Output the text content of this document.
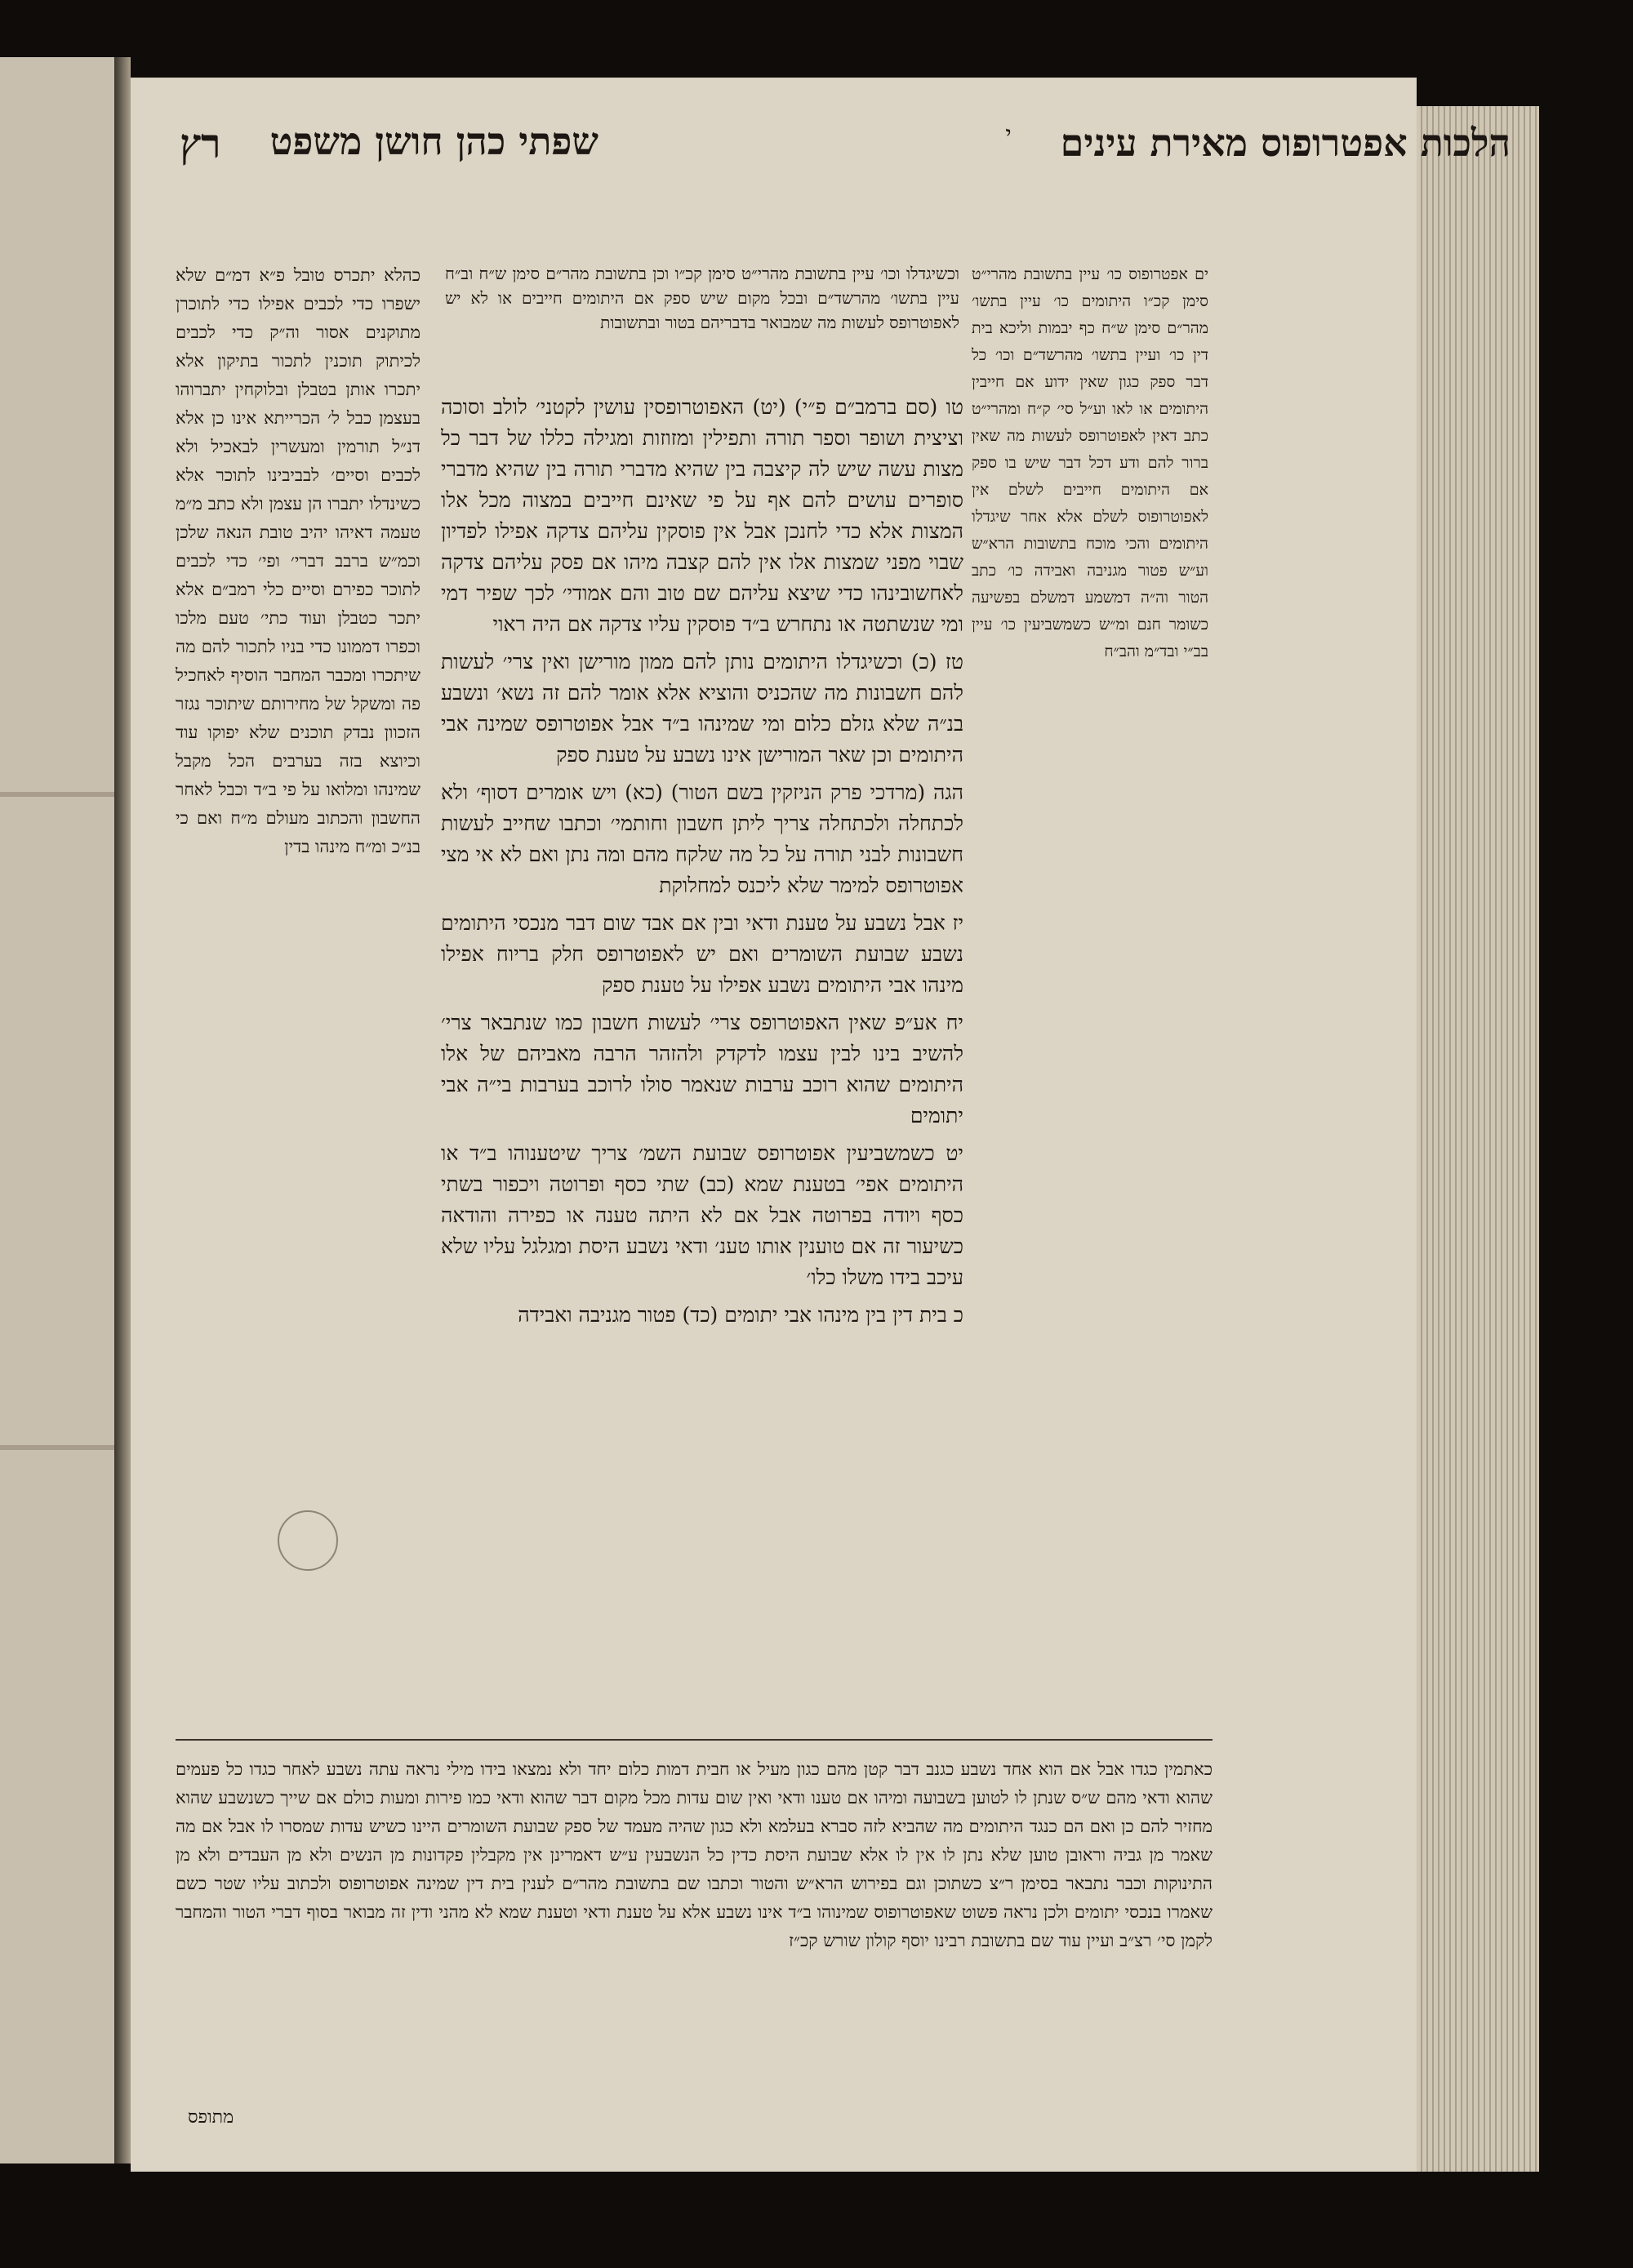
שפתי כהן חושן משפט
רץ	הלכות אפטרופוס מאירת עינים
י

וכשיגדלו וכו׳ עיין בתשובת מהרי״ט סימן קכ״ו וכן בתשובת מהר״ם סימן ש״ח וב״ח עיין בתשו׳ מהרשד״ם ובכל מקום שיש ספק אם היתומים חייבים או לא יש לאפוטרופס לעשות מה שמבואר בדבריהם בטור ובתשובות

ים אפטרופוס כו׳ עיין בתשובת מהרי״ט סימן קכ״ו היתומים כו׳ עיין בתשו׳ מהר״ם סימן ש״ח כף יבמות וליכא בית דין כו׳ ועיין בתשו׳ מהרשד״ם וכו׳ כל דבר ספק כגון שאין ידוע אם חייבין היתומים או לאו וע״ל סי׳ ק״ח ומהרי״ט כתב דאין לאפוטרופס לעשות מה שאין ברור להם ודע דכל דבר שיש בו ספק אם היתומים חייבים לשלם אין לאפוטרופוס לשלם אלא אחר שיגדלו היתומים והכי מוכח בתשובות הרא״ש וע״ש פטור מגניבה ואבידה כו׳ כתב הטור וה״ה דמשמע דמשלם בפשיעה כשומר חנם ומ״ש כשמשביעין כו׳ עיין בב״י ובד״מ והב״ח

טו (סם ברמב״ם פ״י) (יט) האפוטרופסין עושין לקטני׳ לולב וסוכה וציצית ושופר וספר תורה ותפילין ומזוזות ומגילה כללו של דבר כל מצות עשה שיש לה קיצבה בין שהיא מדברי תורה בין שהיא מדברי סופרים עושים להם אף על פי שאינם חייבים במצוה מכל אלו המצות אלא כדי לחנכן אבל אין פוסקין עליהם צדקה אפילו לפדיון שבוי מפני שמצות אלו אין להם קצבה מיהו אם פסק עליהם צדקה לאחשובינהו כדי שיצא עליהם שם טוב והם אמודי׳ לכך שפיר דמי ומי שנשתטה או נתחרש ב״ד פוסקין עליו צדקה אם היה ראוי

טז (כ) וכשיגדלו היתומים נותן להם ממון מורישן ואין צרי׳ לעשות להם חשבונות מה שהכניס והוציא אלא אומר להם זה נשא׳ ונשבע בנ״ה שלא גזלם כלום ומי שמינהו ב״ד אבל אפוטרופס שמינה אבי היתומים וכן שאר המורישן אינו נשבע על טענת ספק

הגה (מרדכי פרק הניזקין בשם הטור) (כא) ויש אומרים דסוף׳ ולא לכתחלה ולכתחלה צריך ליתן חשבון וחותמי׳ וכתבו שחייב לעשות חשבונות לבני תורה על כל מה שלקח מהם ומה נתן ואם לא אי מצי אפוטרופס למימר שלא ליכנס למחלוקת

יז אבל נשבע על טענת ודאי ובין אם אבד שום דבר מנכסי היתומים נשבע שבועת השומרים ואם יש לאפוטרופס חלק בריוח אפילו מינהו אבי היתומים נשבע אפילו על טענת ספק

יח אע״פ שאין האפוטרופס צרי׳ לעשות חשבון כמו שנתבאר צרי׳ להשיב בינו לבין עצמו לדקדק ולהזהר הרבה מאביהם של אלו היתומים שהוא רוכב ערבות שנאמר סולו לרוכב בערבות בי״ה אבי יתומים

יט כשמשביעין אפוטרופס שבועת השמ׳ צריך שיטענוהו ב״ד או היתומים אפי׳ בטענת שמא (כב) שתי כסף ופרוטה ויכפור בשתי כסף ויודה בפרוטה אבל אם לא היתה טענה או כפירה והודאה כשיעור זה אם טוענין אותו טענ׳ ודאי נשבע היסת ומגלגל עליו שלא עיכב בידו משלו כלו׳

כ בית דין בין מינהו אבי יתומים (כד) פטור מגניבה ואבידה

כהלא יתכרס טובל פ״א דמ״ם שלא ישפרו כדי לכבים אפילו כדי לתוכרן מתוקנים אסור וה״ק כדי לכבים לכיתוק תוכנין לתכור בתיקון אלא יתכרו אותן בטבלן ובלוקחין יתברוהו בעצמן כבל ל׳ הכרייתא אינו כן אלא דנ״ל תורמין ומעשרין לבאכיל ולא לכבים וסיים׳ לבביבינו לתוכר אלא כשינדלו יתברו הן עצמן ולא כתב מ״מ טעמה דאיהו יהיב טובת הנאה שלכן וכמ״ש ברבב דברי׳ ופי׳ כדי לכבים לתוכר כפירם וסיים כלי רמב״ם אלא יתכר כטבלן ועוד כתי׳ טעם מלכו וכפרו דממונו כדי בניו לתכור להם מה שיתכרו ומכבר המחבר הוסיף לאחכיל פה ומשקל של מחירותם שיתוכר נגזר הזכוון נבדק תוכנים שלא יפוקו עוד וכיוצא בזה בערבים הכל מקבל שמינהו ומלואו על פי ב״ד וכבל לאחר החשבון והכתוב מעולם מ״ח ואם כי בנ״כ ומ״ח מינהו בדין

כאתמין כגדו אבל אם הוא אחד נשבע כגנב דבר קטן מהם כגון מעיל או חבית דמות כלום יחד ולא נמצאו בידו מילי נראה עתה נשבע לאחר כגדו כל פעמים שהוא ודאי מהם ש״ס שנתן לו לטוען בשבועה ומיהו אם טענו ודאי ואין שום עדות מכל מקום דבר שהוא ודאי כמו פירות ומעות כולם אם שייך כשנשבע שהוא מחזיר להם כן ואם הם כנגד היתומים מה שהביא לזה סברא בעלמא ולא כגון שהיה מעמד של ספק שבועת השומרים היינו כשיש עדות שמסרו לו אבל אם מה שאמר מן גביה וראובן טוען שלא נתן לו אין לו אלא שבועת היסת כדין כל הנשבעין ע״ש דאמרינן אין מקבלין פקדונות מן הנשים ולא מן העבדים ולא מן התינוקות וכבר נתבאר בסימן ר״צ כשתוכן וגם בפירוש הרא״ש והטור וכתבו שם בתשובת מהר״ם לענין בית דין שמינה אפוטרופוס ולכתוב עליו שטר כשם שאמרו בנכסי יתומים ולכן נראה פשוט שאפוטרופוס שמינוהו ב״ד אינו נשבע אלא על טענת ודאי וטענת שמא לא מהני ודין זה מבואר בסוף דברי הטור והמחבר לקמן סי׳ רצ״ב ועיין עוד שם בתשובת רבינו יוסף קולון שורש קכ״ז

מתופס
